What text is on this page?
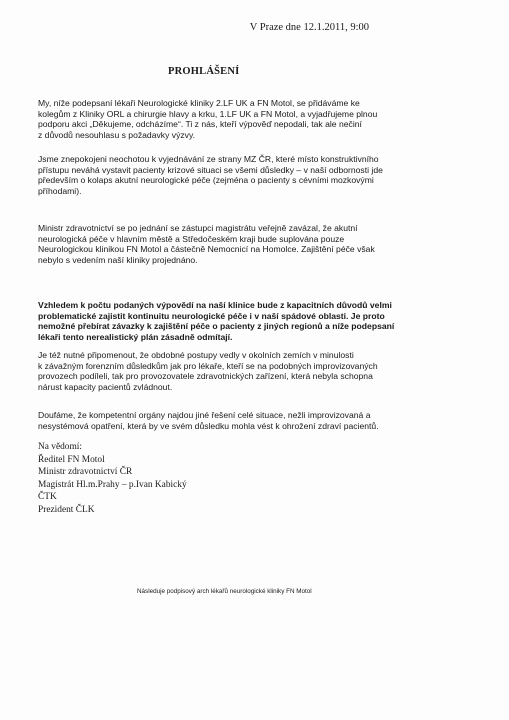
V Praze dne 12.1.2011, 9:00
PROHLÁŠENÍ
My, níže podepsaní lékaři Neurologické kliniky 2.LF UK a FN Motol, se přidáváme ke
kolegům z Kliniky ORL a chirurgie hlavy a krku, 1.LF UK a FN Motol, a vyjadřujeme plnou
podporu akci „Děkujeme, odcházíme“. Ti z nás, kteří výpověď nepodali, tak ale nečiní
z důvodů nesouhlasu s požadavky výzvy.
Jsme znepokojeni neochotou k vyjednávání ze strany MZ ČR, které místo konstruktivního
přístupu neváhá vystavit pacienty krizové situaci se všemi důsledky – v naší odbornosti jde
především o kolaps akutní neurologické péče (zejména o pacienty s cévními mozkovými
příhodami).
Ministr zdravotnictví se po jednání se zástupci magistrátu veřejně zavázal, že akutní
neurologická péče v hlavním městě a Středočeském kraji bude suplována pouze
Neurologickou klinikou FN Motol a částečně Nemocnicí na Homolce. Zajištění péče však
nebylo s vedením naší kliniky projednáno.
Vzhledem k počtu podaných výpovědí na naší klinice bude z kapacitních důvodů velmi
problematické zajistit kontinuitu neurologické péče i v naší spádové oblasti. Je proto
nemožné přebírat závazky k zajištění péče o pacienty z jiných regionů a níže podepsaní
lékaři tento nerealistický plán zásadně odmítají.
Je též nutné připomenout, že obdobné postupy vedly v okolních zemích v minulosti
k závažným forenzním důsledkům jak pro lékaře, kteří se na podobných improvizovaných
provozech podíleli, tak pro provozovatele zdravotnických zařízení, která nebyla schopna
nárust kapacity pacientů zvládnout.
Doufáme, že kompetentní orgány najdou jiné řešení celé situace, nežli improvizovaná a
nesystémová opatření, která by ve svém důsledku mohla vést k ohrožení zdraví pacientů.
Na vědomí:
Ředitel FN Motol
Ministr zdravotnictví ČR
Magistrát Hl.m.Prahy – p.Ivan Kabický
ČTK
Prezident ČLK
Následuje podpisový arch lékařů neurologické kliniky FN Motol
